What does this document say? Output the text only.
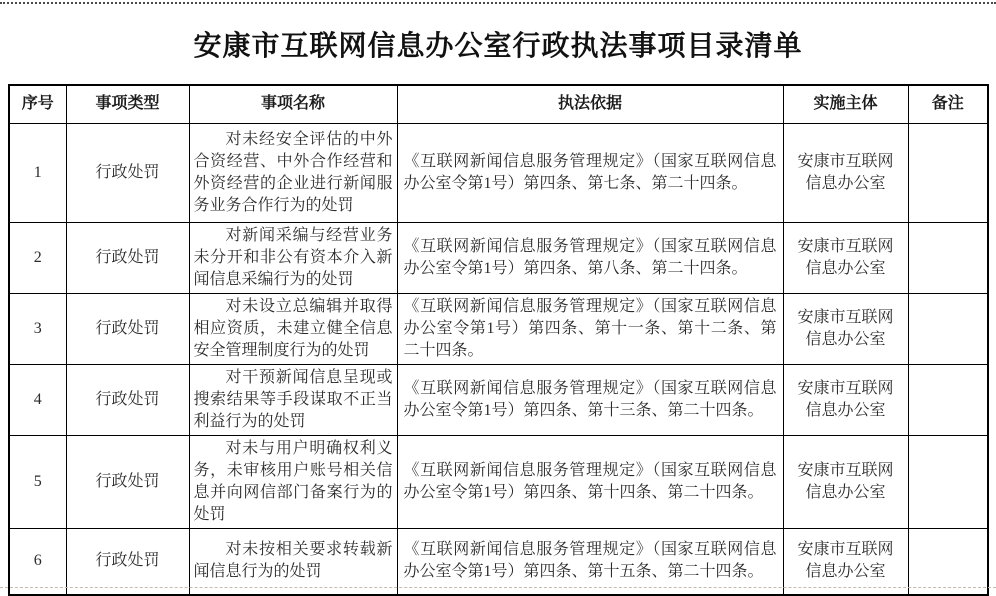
安康市互联网信息办公室行政执法事项目录清单
序号	事项类型	事项名称	执法依据	实施主体	备注
1	行政处罚	对未经安全评估的中外合资经营、中外合作经营和外资经营的企业进行新闻服务业务合作行为的处罚	《互联网新闻信息服务管理规定》（国家互联网信息办公室令第1号）第四条、第七条、第二十四条。	安康市互联网信息办公室	
2	行政处罚	对新闻采编与经营业务未分开和非公有资本介入新闻信息采编行为的处罚	《互联网新闻信息服务管理规定》（国家互联网信息办公室令第1号）第四条、第八条、第二十四条。	安康市互联网信息办公室	
3	行政处罚	对未设立总编辑并取得相应资质，未建立健全信息安全管理制度行为的处罚	《互联网新闻信息服务管理规定》（国家互联网信息办公室令第1号）第四条、第十一条、第十二条、第二十四条。	安康市互联网信息办公室	
4	行政处罚	对干预新闻信息呈现或搜索结果等手段谋取不正当利益行为的处罚	《互联网新闻信息服务管理规定》（国家互联网信息办公室令第1号）第四条、第十三条、第二十四条。	安康市互联网信息办公室	
5	行政处罚	对未与用户明确权利义务，未审核用户账号相关信息并向网信部门备案行为的处罚	《互联网新闻信息服务管理规定》（国家互联网信息办公室令第1号）第四条、第十四条、第二十四条。	安康市互联网信息办公室	
6	行政处罚	对未按相关要求转载新闻信息行为的处罚	《互联网新闻信息服务管理规定》（国家互联网信息办公室令第1号）第四条、第十五条、第二十四条。	安康市互联网信息办公室	
